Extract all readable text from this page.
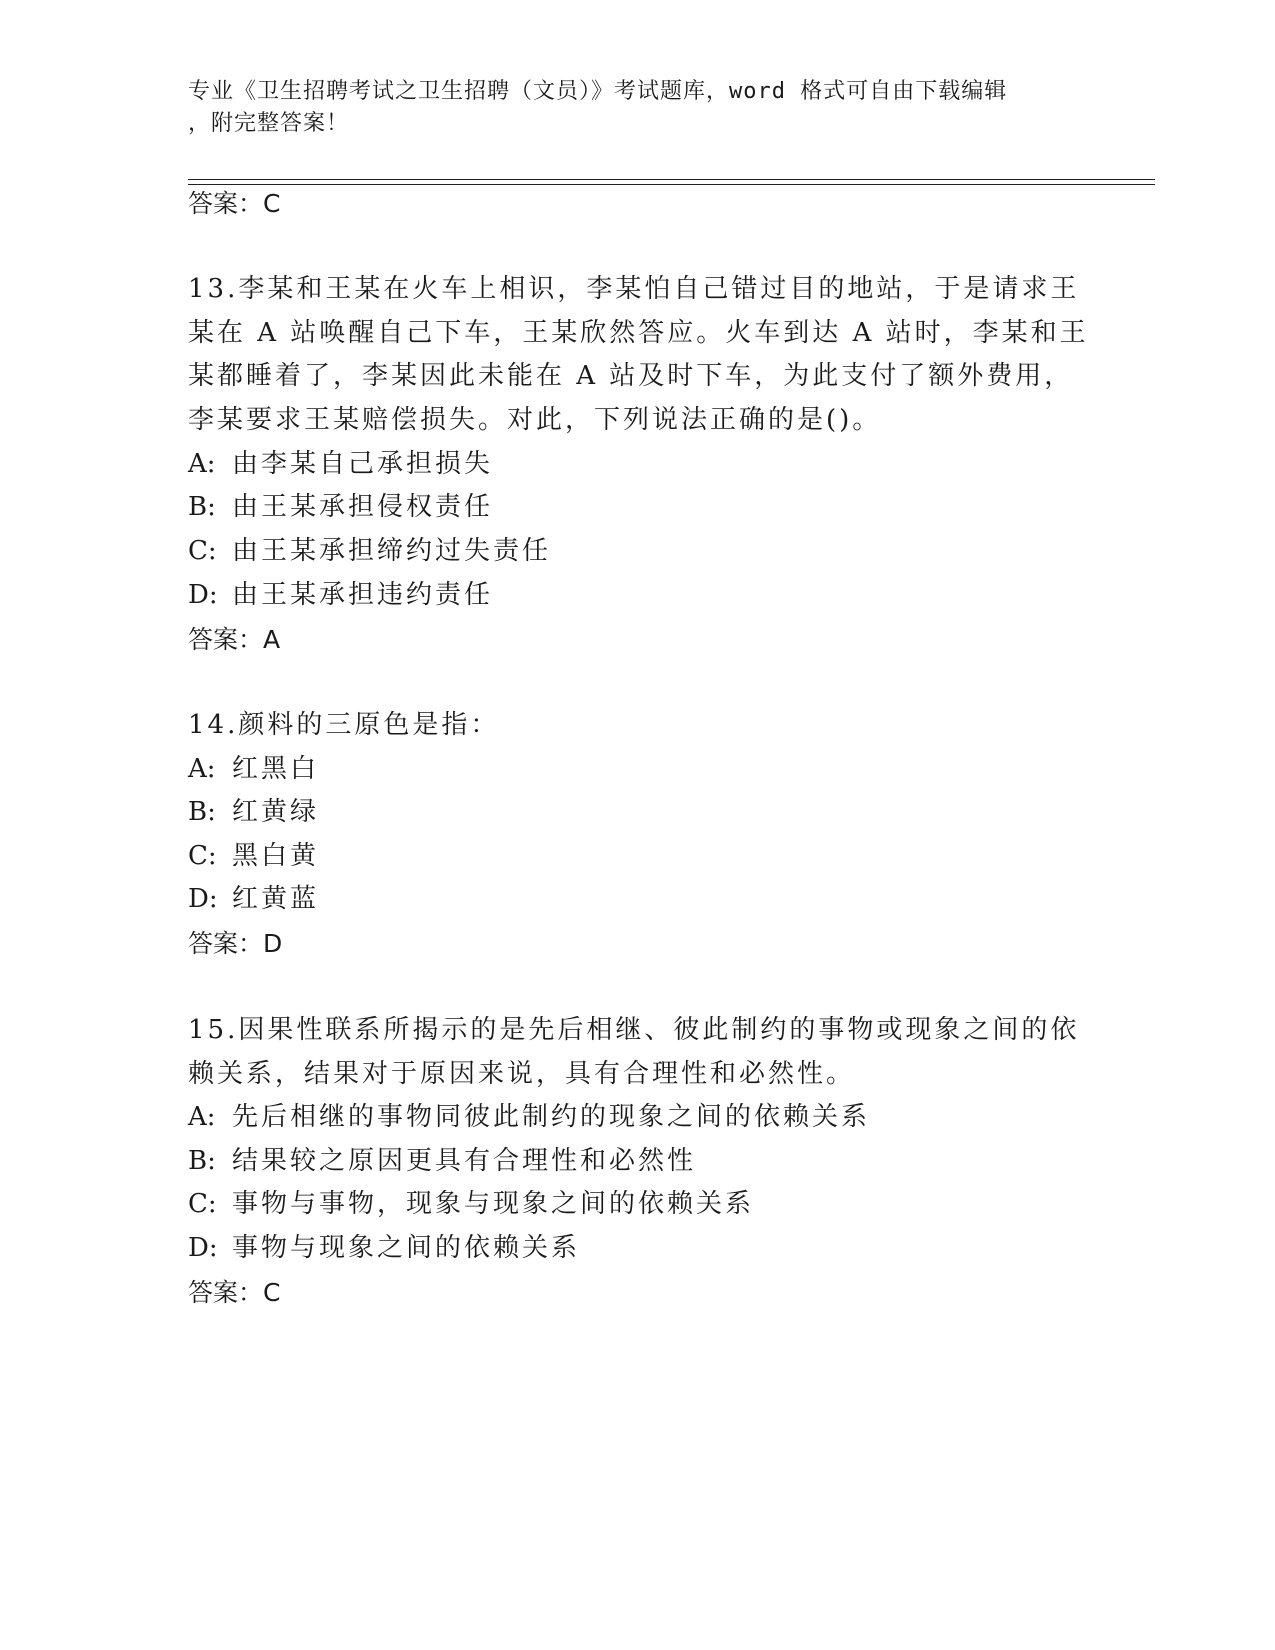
专业《卫生招聘考试之卫生招聘（文员）》考试题库，word 格式可自由下载编辑
，附完整答案！
答案：C
13.李某和王某在火车上相识，李某怕自己错过目的地站，于是请求王
某在 A 站唤醒自己下车，王某欣然答应。火车到达 A 站时，李某和王
某都睡着了，李某因此未能在 A 站及时下车，为此支付了额外费用，
李某要求王某赔偿损失。对此，下列说法正确的是()。
A: 由李某自己承担损失
B: 由王某承担侵权责任
C: 由王某承担缔约过失责任
D: 由王某承担违约责任
答案：A
14.颜料的三原色是指：
A: 红黑白
B: 红黄绿
C: 黑白黄
D: 红黄蓝
答案：D
15.因果性联系所揭示的是先后相继、彼此制约的事物或现象之间的依
赖关系，结果对于原因来说，具有合理性和必然性。
A: 先后相继的事物同彼此制约的现象之间的依赖关系
B: 结果较之原因更具有合理性和必然性
C: 事物与事物，现象与现象之间的依赖关系
D: 事物与现象之间的依赖关系
答案：C
